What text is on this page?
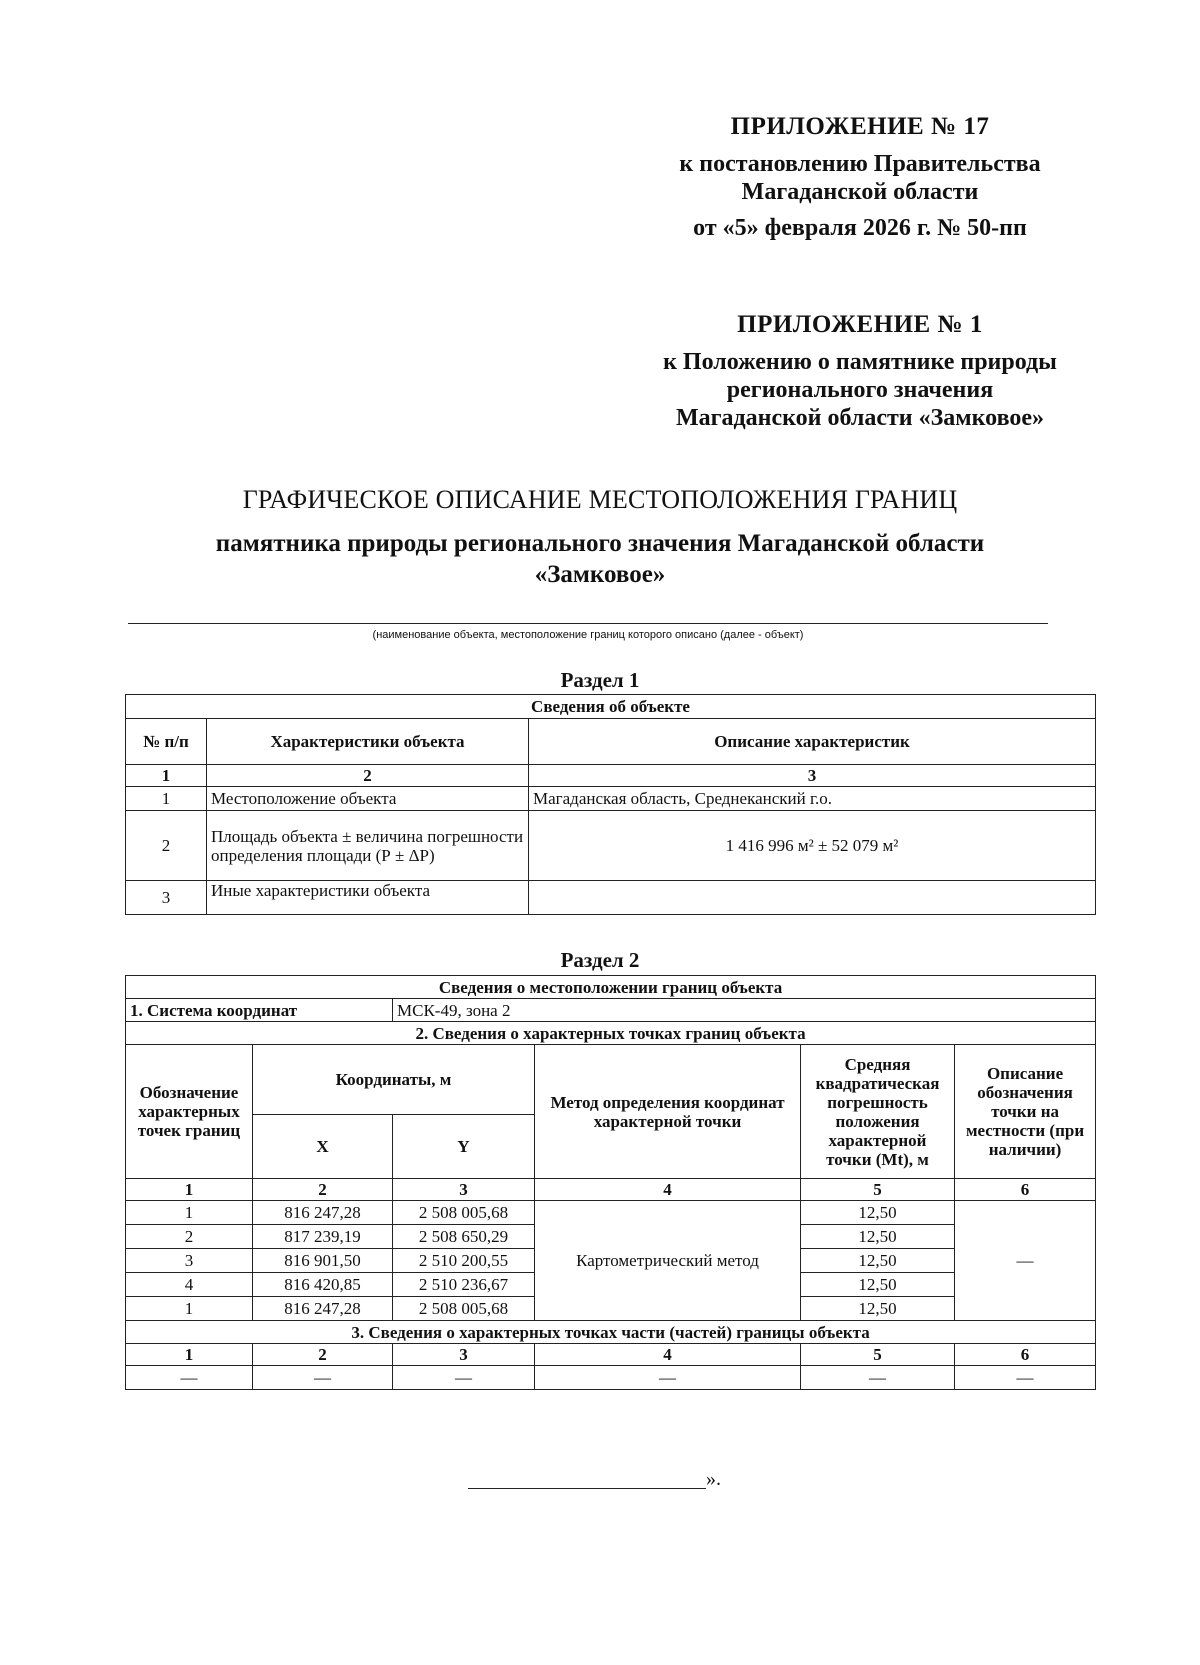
ПРИЛОЖЕНИЕ № 17
к постановлению Правительства
Магаданской области
от «5» февраля 2026 г. № 50-пп
ПРИЛОЖЕНИЕ № 1
к Положению о памятнике природы
регионального значения
Магаданской области «Замковое»
ГРАФИЧЕСКОЕ ОПИСАНИЕ МЕСТОПОЛОЖЕНИЯ ГРАНИЦ
памятника природы регионального значения Магаданской области
«Замковое»
(наименование объекта, местоположение границ которого описано (далее - объект)
Раздел 1
Сведения об объекте		
№ п/п	Характеристики объекта	Описание характеристик
1	2	3
1	Местоположение объекта	Магаданская область, Среднеканский г.о.
2	Площадь объекта ± величина погрешности определения площади (Р ± ΔР)	1 416 996 м² ± 52 079 м²
3	Иные характеристики объекта	
Раздел 2
Сведения о местоположении границ объекта					
1. Система координат		МСК-49, зона 2			
2. Сведения о характерных точках границ объекта					
Обозначение характерных точек границ	Координаты, м		Метод определения координат характерной точки	Средняя квадратическая погрешность положения характерной точки (Mt), м	Описание обозначения точки на местности (при наличии)
	X	Y			
1	2	3	4	5	6
1	816 247,28	2 508 005,68	Картометрический метод	12,50	—
2	817 239,19	2 508 650,29		12,50	
3	816 901,50	2 510 200,55		12,50	
4	816 420,85	2 510 236,67		12,50	
1	816 247,28	2 508 005,68		12,50	
3. Сведения о характерных точках части (частей) границы объекта					
1	2	3	4	5	6
—	—	—	—	—	—
».
